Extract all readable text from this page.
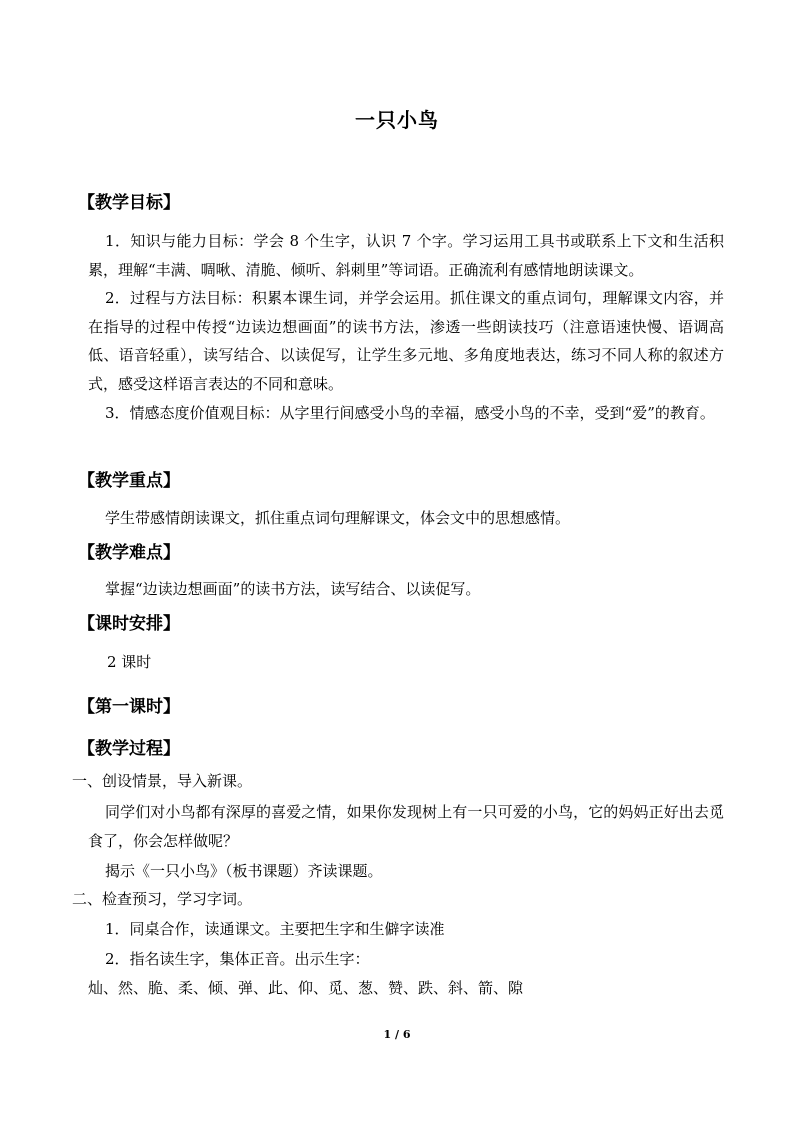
一只小鸟
【教学目标】
1．知识与能力目标：学会 8 个生字，认识 7 个字。学习运用工具书或联系上下文和生活积累，理解“丰满、啁啾、清脆、倾听、斜刺里”等词语。正确流利有感情地朗读课文。
2．过程与方法目标：积累本课生词，并学会运用。抓住课文的重点词句，理解课文内容，并在指导的过程中传授“边读边想画面”的读书方法，渗透一些朗读技巧（注意语速快慢、语调高低、语音轻重），读写结合、以读促写，让学生多元地、多角度地表达，练习不同人称的叙述方式，感受这样语言表达的不同和意味。
3．情感态度价值观目标：从字里行间感受小鸟的幸福，感受小鸟的不幸，受到“爱”的教育。
【教学重点】
学生带感情朗读课文，抓住重点词句理解课文，体会文中的思想感情。
【教学难点】
掌握“边读边想画面”的读书方法，读写结合、以读促写。
【课时安排】
2 课时
【第一课时】
【教学过程】
一、创设情景，导入新课。
同学们对小鸟都有深厚的喜爱之情，如果你发现树上有一只可爱的小鸟，它的妈妈正好出去觅食了，你会怎样做呢？
揭示《一只小鸟》（板书课题）齐读课题。
二、检查预习，学习字词。
1．同桌合作，读通课文。主要把生字和生僻字读准
2．指名读生字，集体正音。出示生字：
灿、然、脆、柔、倾、弹、此、仰、觅、葱、赞、跌、斜、箭、隙
1 / 6
